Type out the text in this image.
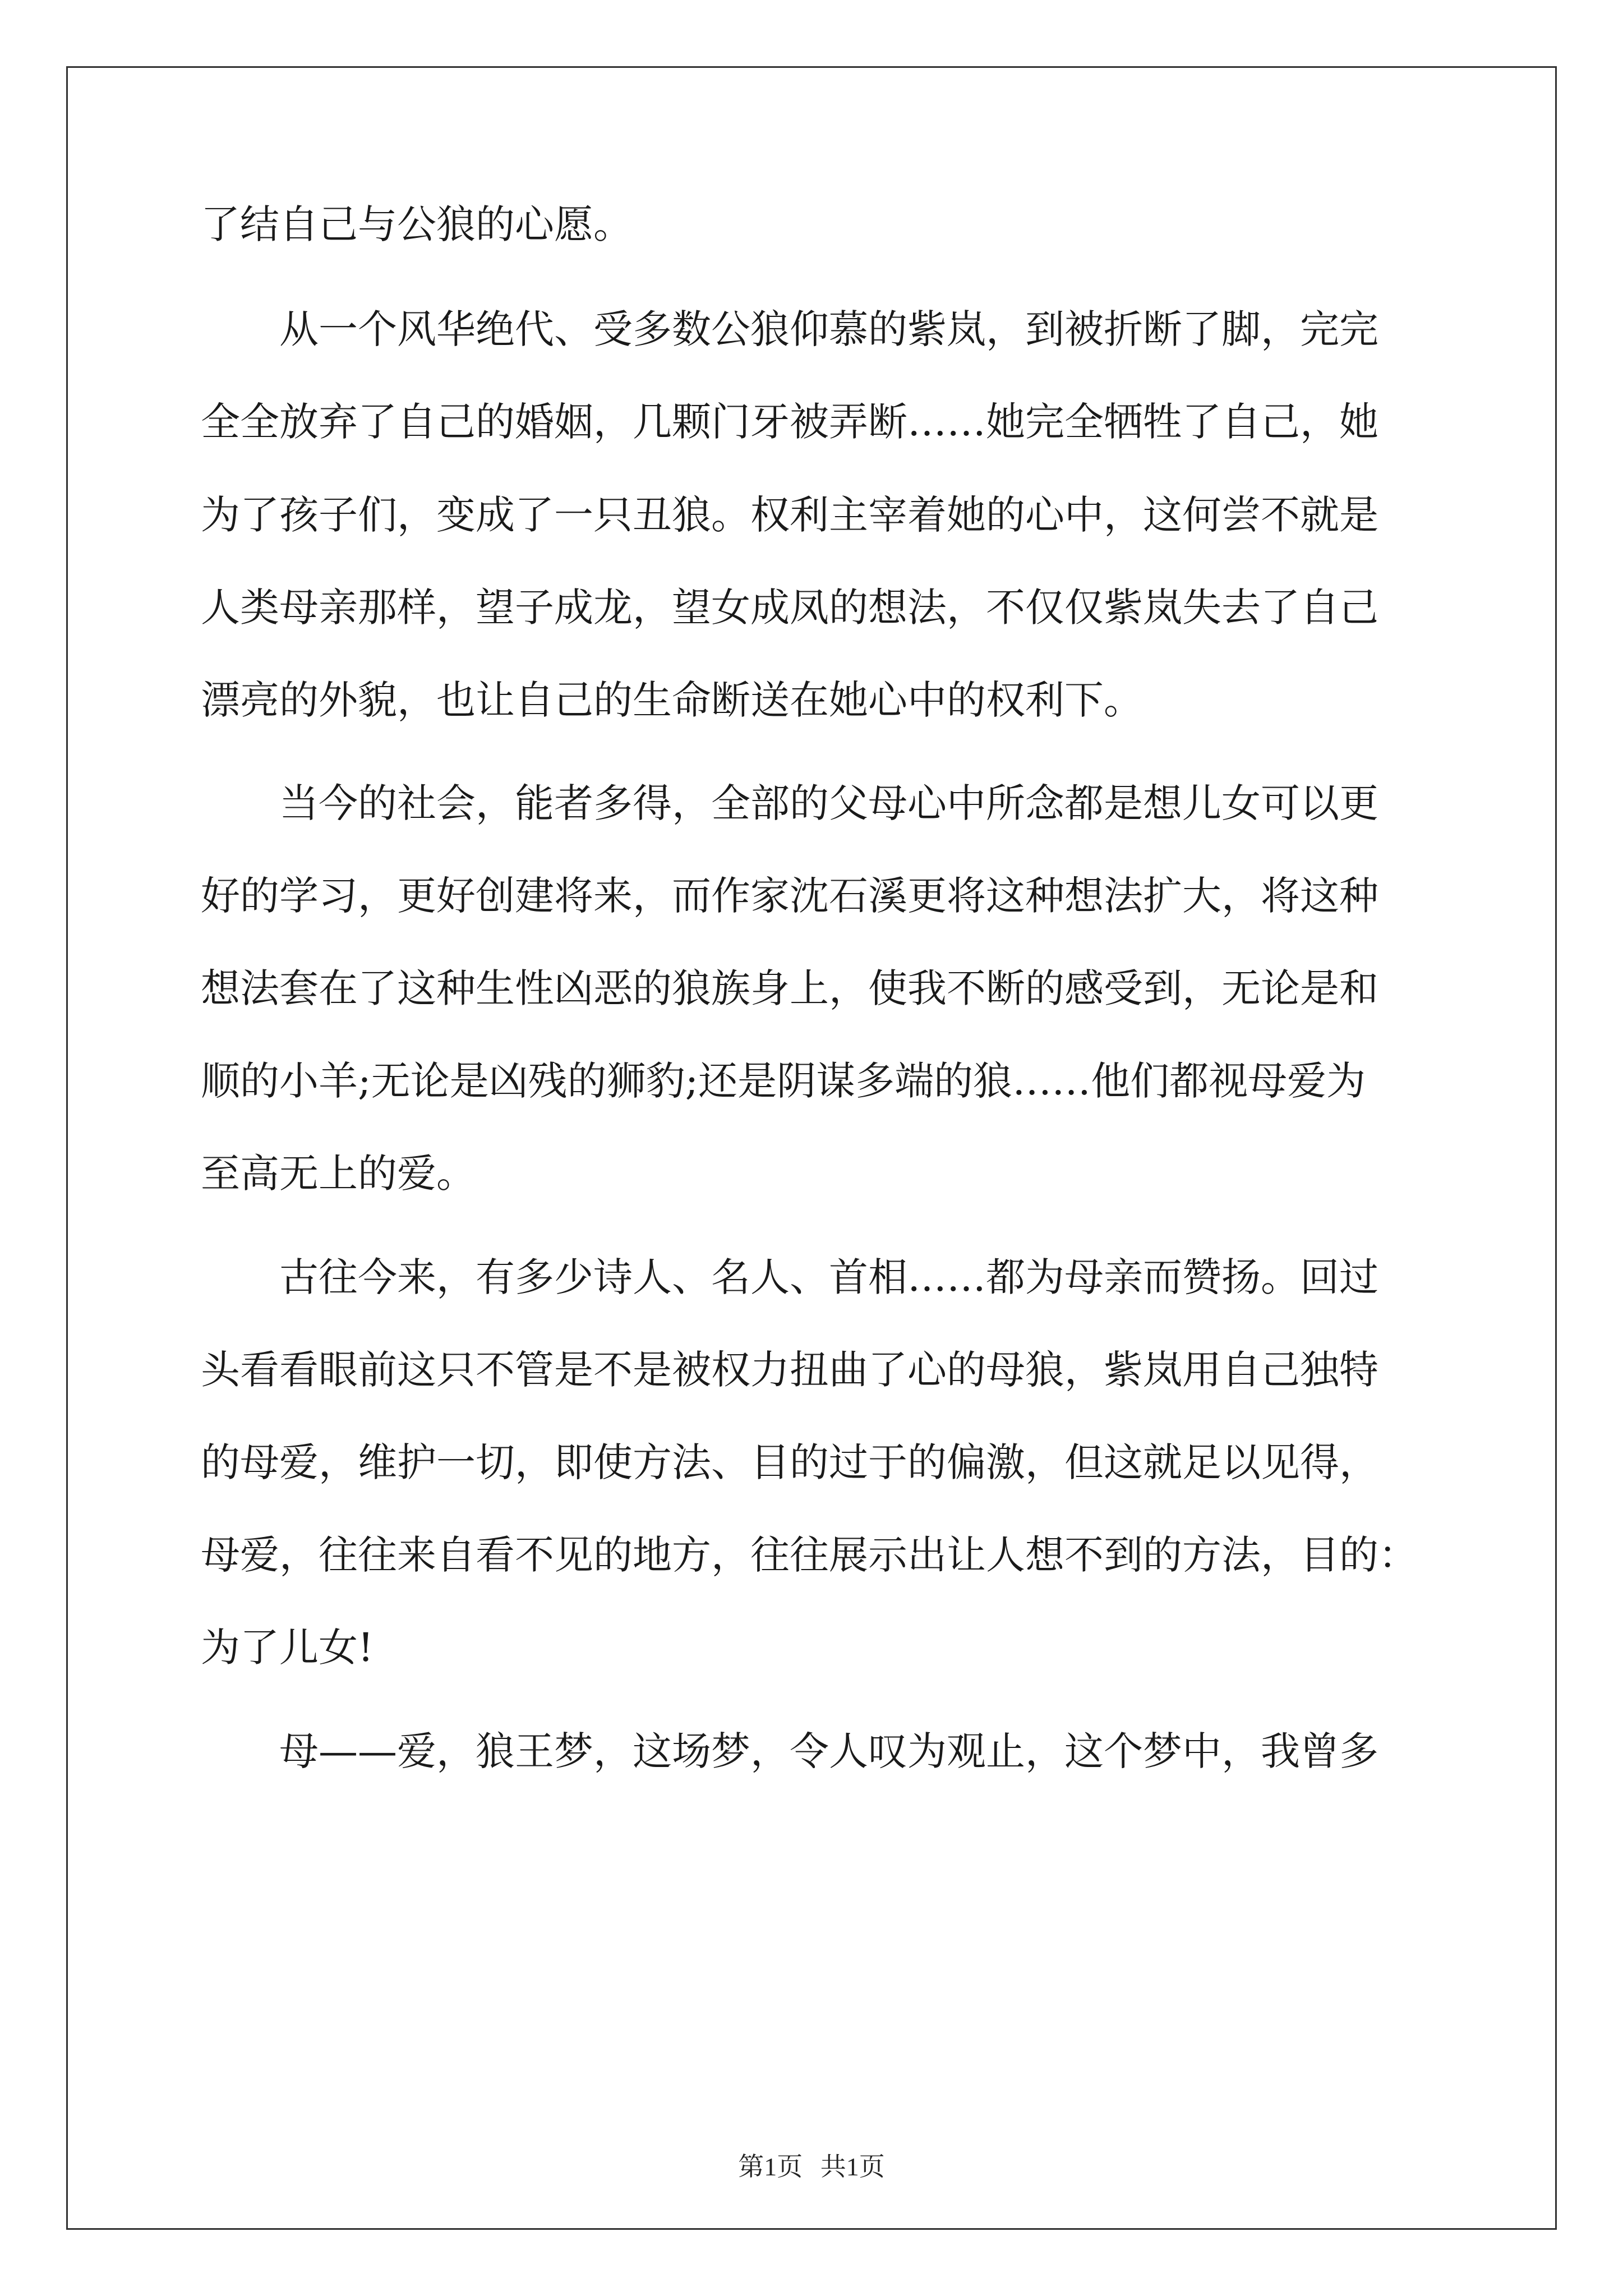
了结自己与公狼的心愿。
　　从一个风华绝代、受多数公狼仰慕的紫岚，到被折断了脚，完完
全全放弃了自己的婚姻，几颗门牙被弄断……她完全牺牲了自己，她
为了孩子们，变成了一只丑狼。权利主宰着她的心中，这何尝不就是
人类母亲那样，望子成龙，望女成凤的想法，不仅仅紫岚失去了自己
漂亮的外貌，也让自己的生命断送在她心中的权利下。
　　当今的社会，能者多得，全部的父母心中所念都是想儿女可以更
好的学习，更好创建将来，而作家沈石溪更将这种想法扩大，将这种
想法套在了这种生性凶恶的狼族身上，使我不断的感受到，无论是和
顺的小羊;无论是凶残的狮豹;还是阴谋多端的狼……他们都视母爱为
至高无上的爱。
　　古往今来，有多少诗人、名人、首相……都为母亲而赞扬。回过
头看看眼前这只不管是不是被权力扭曲了心的母狼，紫岚用自己独特
的母爱，维护一切，即使方法、目的过于的偏激，但这就足以见得，
母爱，往往来自看不见的地方，往往展示出让人想不到的方法，目的：
为了儿女!
　　母——爱，狼王梦，这场梦，令人叹为观止，这个梦中，我曾多
第1页 共1页
